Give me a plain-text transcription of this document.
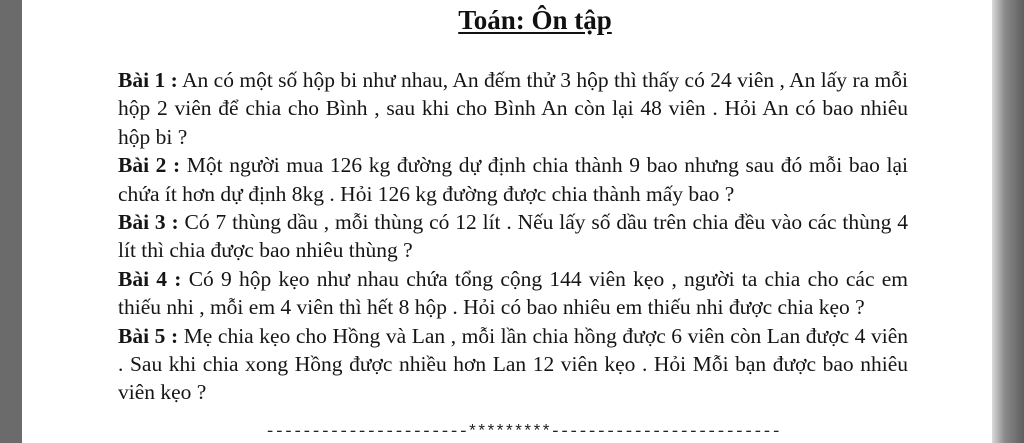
Toán: Ôn tập

Bài 1 : An có một số hộp bi như nhau, An đếm thử 3 hộp thì thấy có 24 viên , An lấy ra mỗi hộp 2 viên để chia cho Bình , sau khi cho Bình An còn lại 48 viên . Hỏi An có bao nhiêu hộp bi ?

Bài 2 : Một người mua 126 kg đường dự định chia thành 9 bao nhưng sau đó mỗi bao lại chứa ít hơn dự định 8kg . Hỏi 126 kg đường được chia thành mấy bao ?

Bài 3 : Có 7 thùng dầu , mỗi thùng có 12 lít . Nếu lấy số dầu trên chia đều vào các thùng 4 lít thì chia được bao nhiêu thùng ?

Bài 4 : Có 9 hộp kẹo như nhau chứa tổng cộng 144 viên kẹo , người ta chia cho các em thiếu nhi , mỗi em 4 viên thì hết 8 hộp . Hỏi có bao nhiêu em thiếu nhi được chia kẹo ?

Bài 5 : Mẹ chia kẹo cho Hồng và Lan , mỗi lần chia hồng được 6 viên còn Lan được 4 viên . Sau khi chia xong Hồng được nhiều hơn Lan 12 viên kẹo . Hỏi Mỗi bạn được bao nhiêu viên kẹo ?

----------------------*********-------------------------
